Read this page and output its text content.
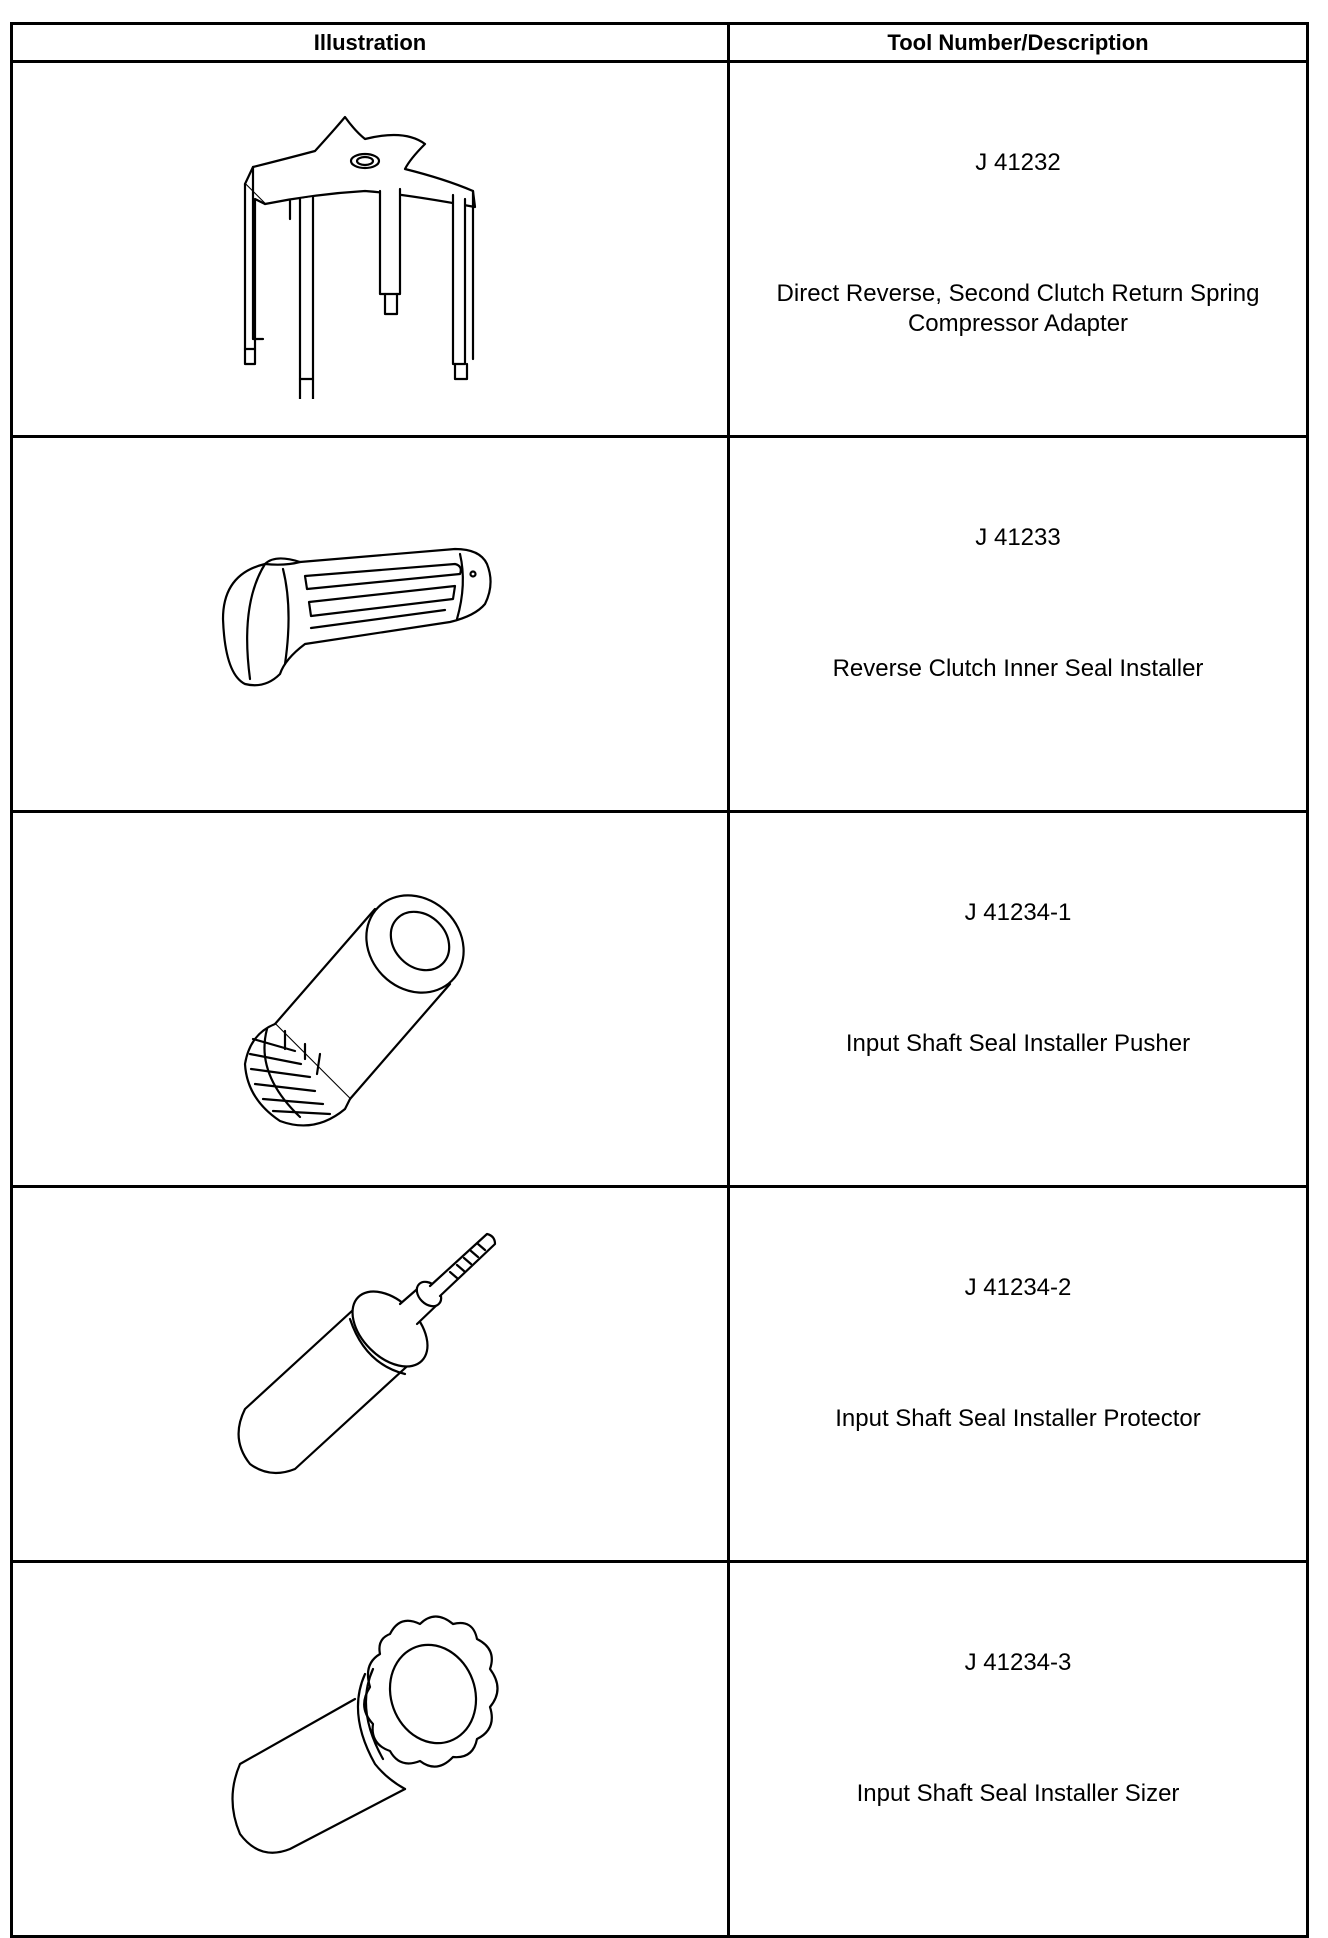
Illustration	Tool Number/Description

J 41232
Direct Reverse, Second Clutch Return Spring
Compressor Adapter

J 41233
Reverse Clutch Inner Seal Installer

J 41234-1
Input Shaft Seal Installer Pusher

J 41234-2
Input Shaft Seal Installer Protector

J 41234-3
Input Shaft Seal Installer Sizer
